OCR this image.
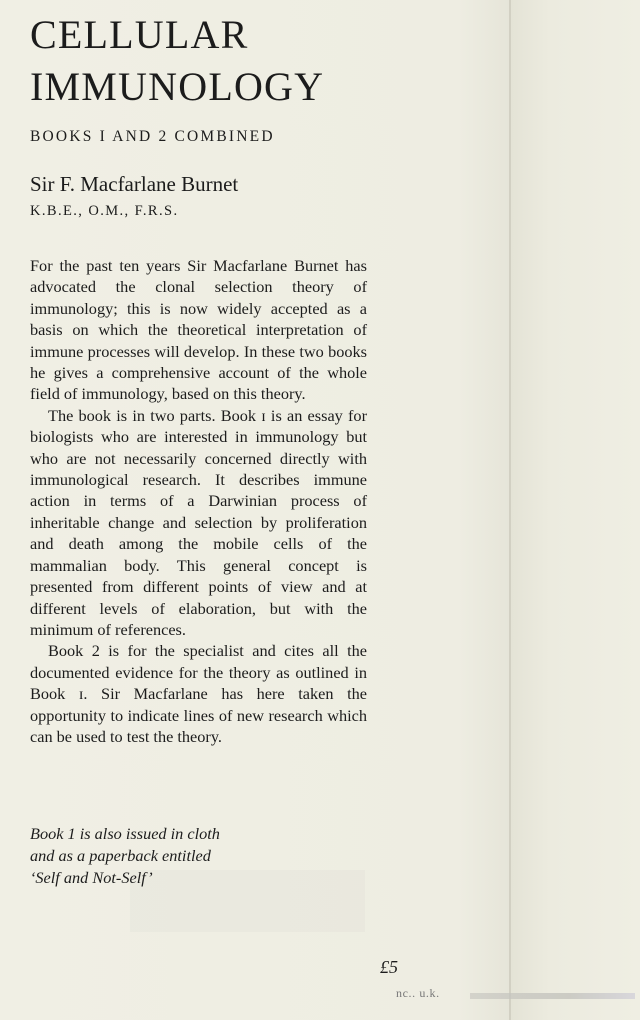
CELLULAR
IMMUNOLOGY
BOOKS I AND 2 COMBINED
Sir F. Macfarlane Burnet
K.B.E., O.M., F.R.S.

For the past ten years Sir Macfarlane Burnet has advocated the clonal selection theory of immunology; this is now widely accepted as a basis on which the theoretical interpretation of immune processes will develop. In these two books he gives a comprehensive account of the whole field of immunology, based on this theory.

The book is in two parts. Book ɪ is an essay for biologists who are interested in immunology but who are not necessarily concerned directly with immunological research. It describes immune action in terms of a Darwinian process of inheritable change and selection by proliferation and death among the mobile cells of the mammalian body. This general concept is presented from different points of view and at different levels of elaboration, but with the minimum of references.

Book 2 is for the specialist and cites all the documented evidence for the theory as outlined in Book ɪ. Sir Macfarlane has here taken the opportunity to indicate lines of new research which can be used to test the theory.

Book 1 is also issued in cloth
and as a paperback entitled
‘Self and Not-Self’
£5
nc.. u.k.
